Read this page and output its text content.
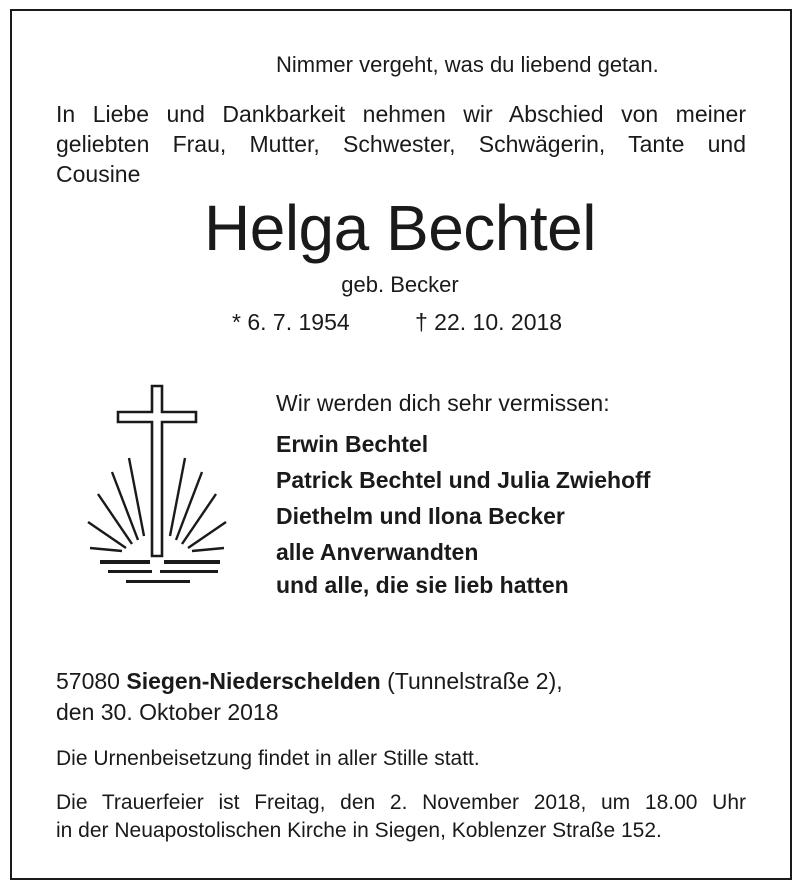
Nimmer vergeht, was du liebend getan.
In Liebe und Dankbarkeit nehmen wir Abschied von meiner
geliebten Frau, Mutter, Schwester, Schwägerin, Tante und
Cousine
Helga Bechtel
geb. Becker
* 6. 7. 1954	† 22. 10. 2018
Wir werden dich sehr vermissen:
Erwin Bechtel
Patrick Bechtel und Julia Zwiehoff
Diethelm und Ilona Becker
alle Anverwandten
und alle, die sie lieb hatten
57080 Siegen-Niederschelden (Tunnelstraße 2),
den 30. Oktober 2018
Die Urnenbeisetzung findet in aller Stille statt.
Die Trauerfeier ist Freitag, den 2. November 2018, um 18.00 Uhr
in der Neuapostolischen Kirche in Siegen, Koblenzer Straße 152.
